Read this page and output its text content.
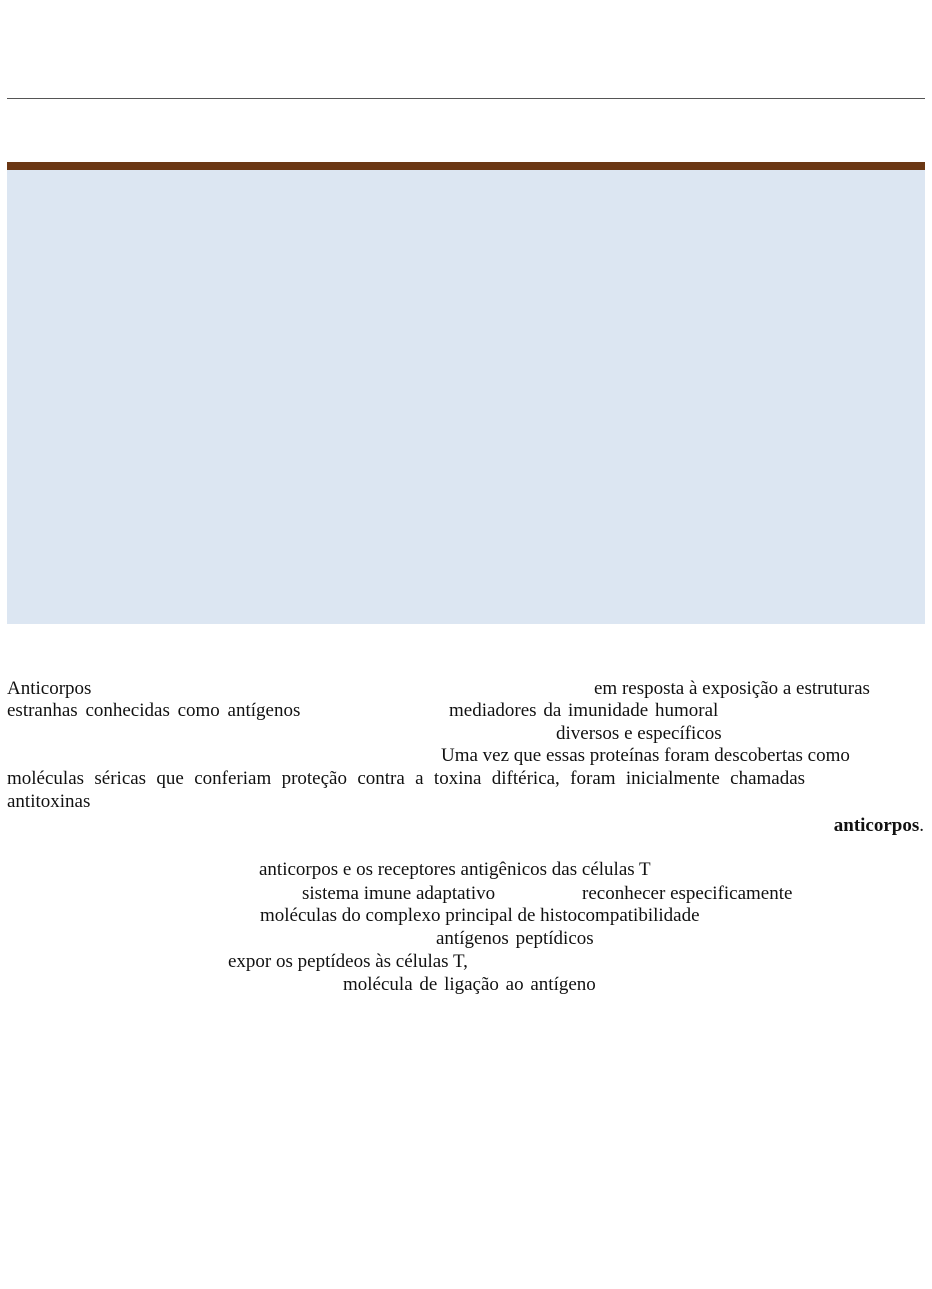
Anticorpos	em resposta à exposição a estruturas
estranhas conhecidas como antígenos	mediadores da imunidade humoral
diversos e específicos
Uma vez que essas proteínas foram descobertas como
moléculas séricas que conferiam proteção contra a toxina diftérica, foram inicialmente chamadas
antitoxinas
anticorpos.
anticorpos e os receptores antigênicos das células T
sistema imune adaptativo	reconhecer especificamente
moléculas do complexo principal de histocompatibilidade
antígenos peptídicos
expor os peptídeos às células T,
molécula de ligação ao antígeno
